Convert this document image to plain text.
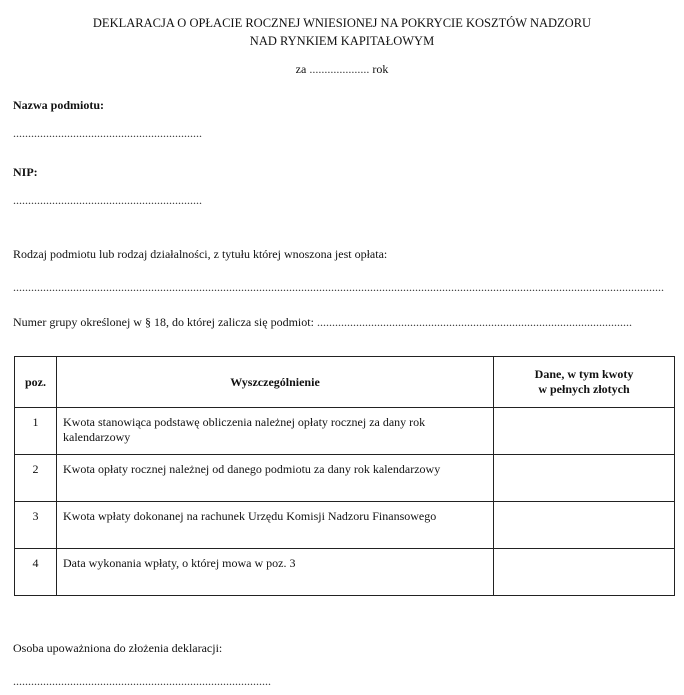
DEKLARACJA O OPŁACIE ROCZNEJ WNIESIONEJ NA POKRYCIE KOSZTÓW NADZORU
NAD RYNKIEM KAPITAŁOWYM
za .................... rok
Nazwa podmiotu:
...............................................................
NIP:
...............................................................
Rodzaj podmiotu lub rodzaj działalności, z tytułu której wnoszona jest opłata:
.........................................................................................................................................................................................................................
Numer grupy określonej w § 18, do której zalicza się podmiot: .........................................................................................................
poz.	Wyszczególnienie	Dane, w tym kwoty
w pełnych złotych

1	Kwota stanowiąca podstawę obliczenia należnej opłaty rocznej za dany rok kalendarzowy	
2	Kwota opłaty rocznej należnej od danego podmiotu za dany rok kalendarzowy	
3	Kwota wpłaty dokonanej na rachunek Urzędu Komisji Nadzoru Finansowego	
4	Data wykonania wpłaty, o której mowa w poz. 3	
Osoba upoważniona do złożenia deklaracji:
......................................................................................
